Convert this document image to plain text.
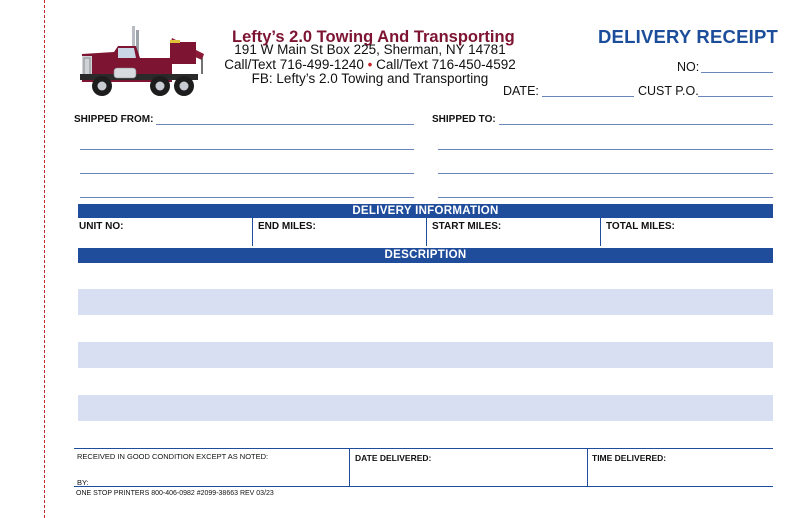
Lefty’s 2.0 Towing And Transporting
191 W Main St Box 225, Sherman, NY 14781
Call/Text 716-499-1240 • Call/Text 716-450-4592
FB: Lefty’s 2.0 Towing and Transporting
DELIVERY RECEIPT
NO:
DATE:	CUST P.O.
SHIPPED FROM:	SHIPPED TO:
DELIVERY INFORMATION
UNIT NO:	END MILES:	START MILES:	TOTAL MILES:
DESCRIPTION
RECEIVED IN GOOD CONDITION EXCEPT AS NOTED:
BY:
DATE DELIVERED:	TIME DELIVERED:
ONE STOP PRINTERS 800-406-0982 #2099-38663 REV 03/23
